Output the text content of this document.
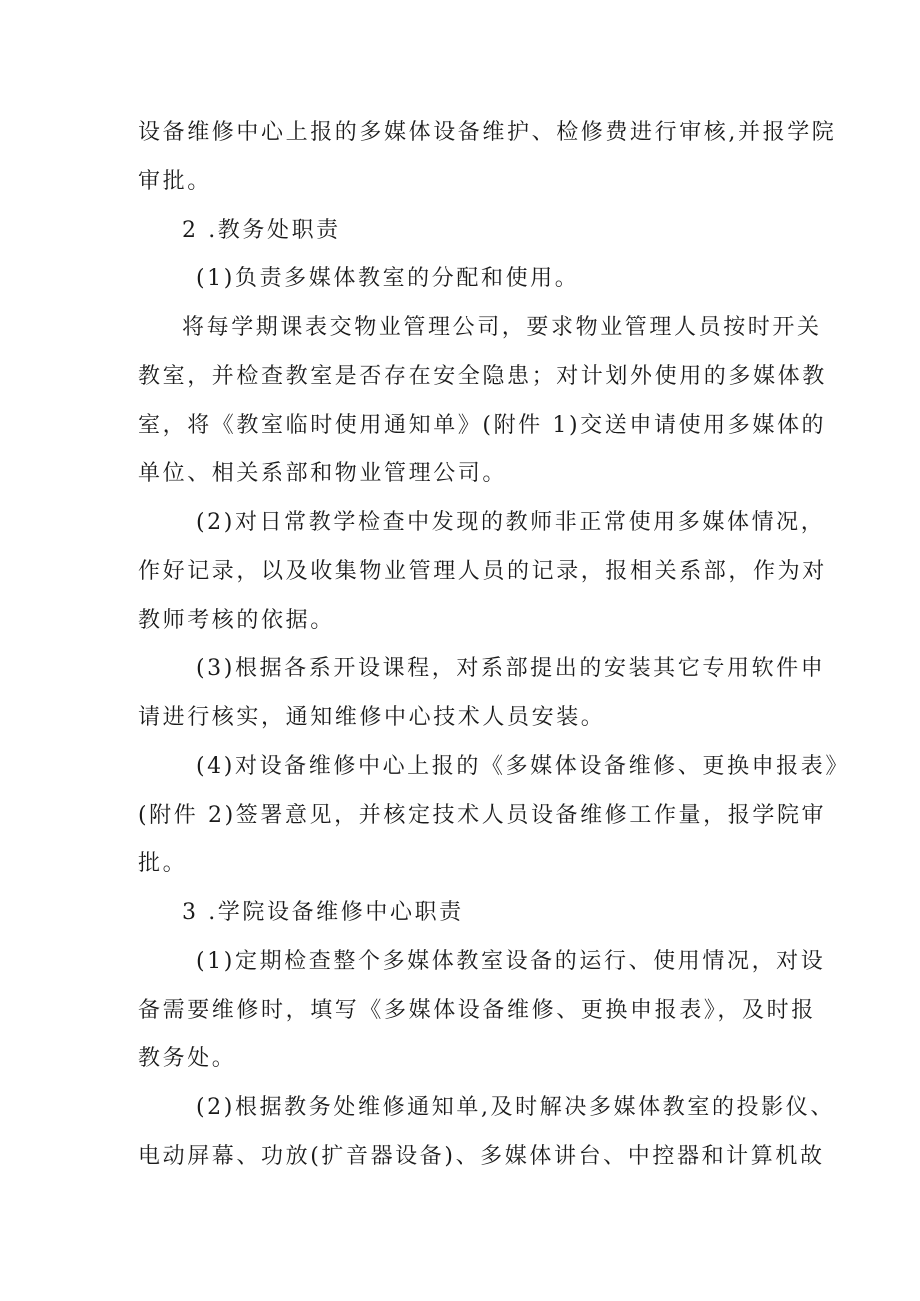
设备维修中心上报的多媒体设备维护、检修费进行审核,并报学院
审批。
2 .教务处职责
(1)负责多媒体教室的分配和使用。
将每学期课表交物业管理公司，要求物业管理人员按时开关
教室，并检查教室是否存在安全隐患；对计划外使用的多媒体教
室，将《教室临时使用通知单》(附件 1)交送申请使用多媒体的
单位、相关系部和物业管理公司。
(2)对日常教学检查中发现的教师非正常使用多媒体情况，
作好记录，以及收集物业管理人员的记录，报相关系部，作为对
教师考核的依据。
(3)根据各系开设课程，对系部提出的安装其它专用软件申
请进行核实，通知维修中心技术人员安装。
(4)对设备维修中心上报的《多媒体设备维修、更换申报表》
(附件 2)签署意见，并核定技术人员设备维修工作量，报学院审
批。
3 .学院设备维修中心职责
(1)定期检查整个多媒体教室设备的运行、使用情况，对设
备需要维修时，填写《多媒体设备维修、更换申报表》，及时报
教务处。
(2)根据教务处维修通知单,及时解决多媒体教室的投影仪、
电动屏幕、功放(扩音器设备)、多媒体讲台、中控器和计算机故
